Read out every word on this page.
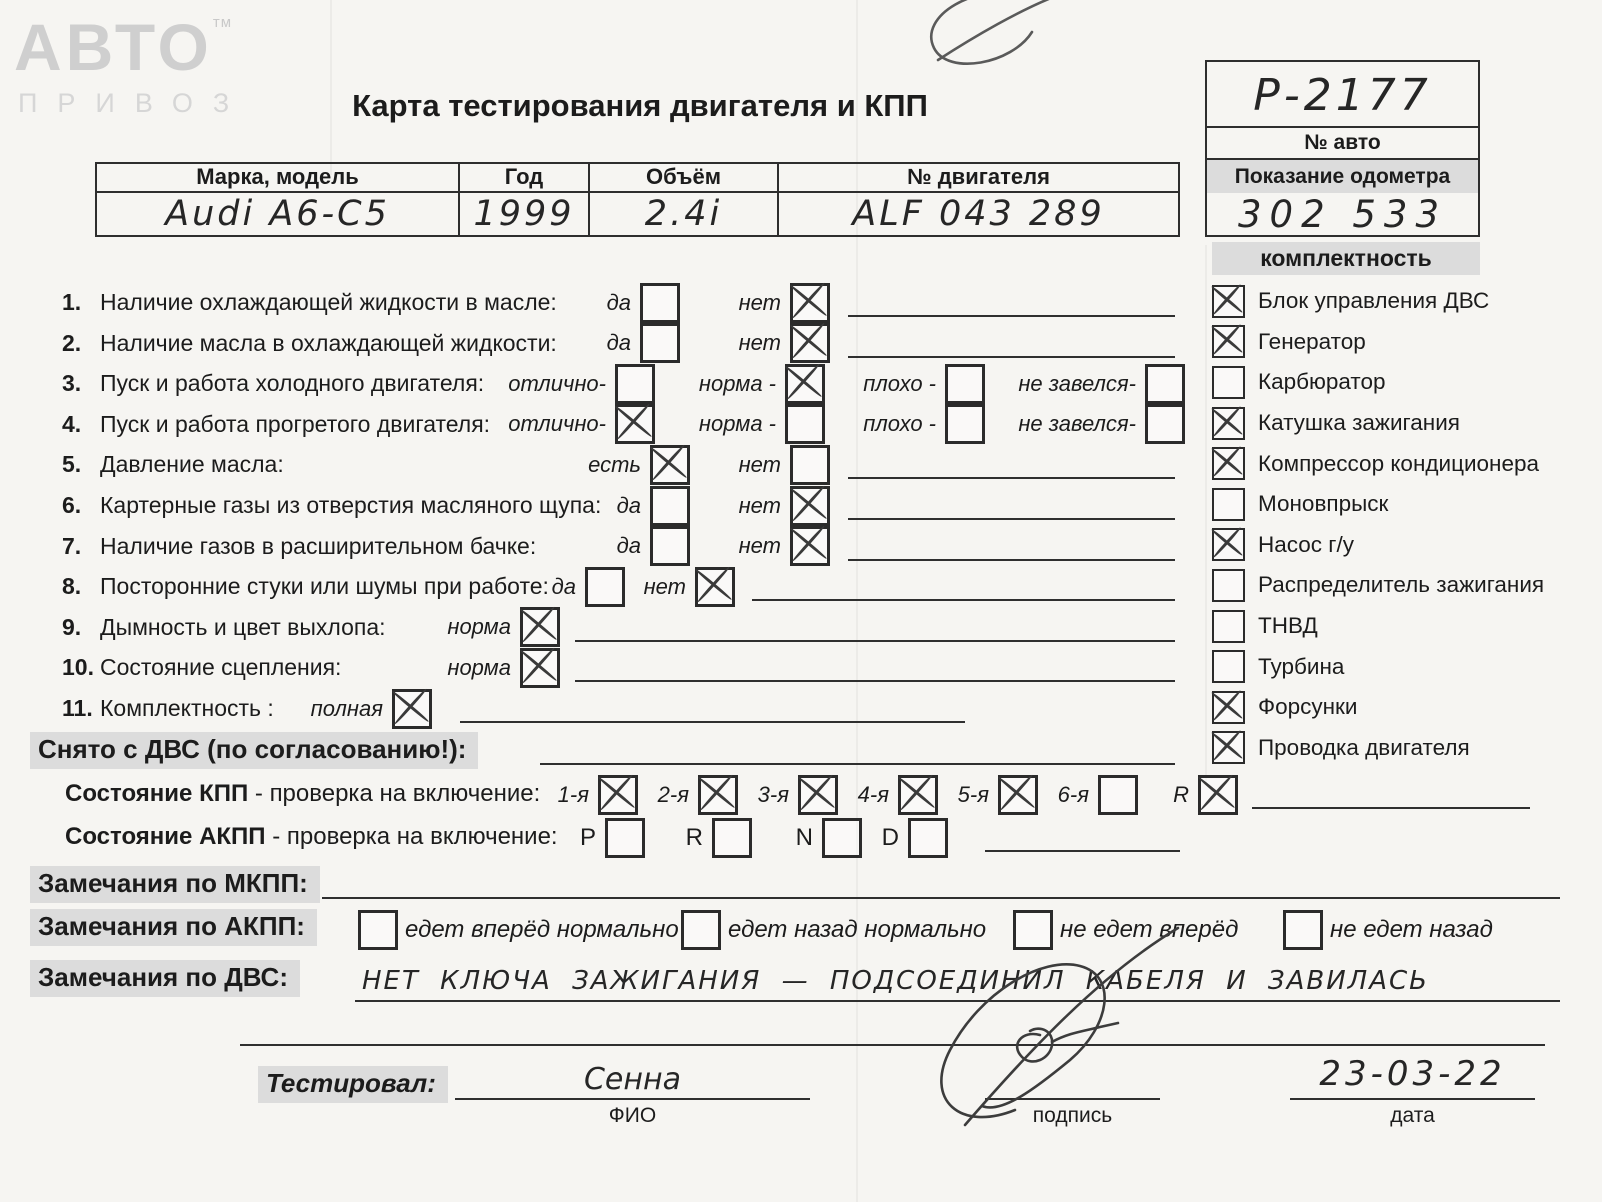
АВТОтм
ПРИВОЗ	Карта тестирования двигателя и КПП	Р-2177
№ авто
Показание одометра
302 533
Марка, модель	Год	Объём	№ двигателя
Audi A6-C5	1999	2.4i	ALF 043 289
1. Наличие охлаждающей жидкости в масле: да	нет
2. Наличие масла в охлаждающей жидкости: да	нет
3. Пуск и работа холодного двигателя: отлично-	норма -	плохо -	не завелся-
4. Пуск и работа прогретого двигателя: отлично-	норма -	плохо -	не завелся-
5. Давление масла:	есть	нет
6. Картерные газы из отверстия масляного щупа: да	нет
7. Наличие газов в расширительном бачке:	да	нет
8. Посторонние стуки или шумы при работе: да	нет
9. Дымность и цвет выхлопа:	норма
10. Состояние сцепления:	норма
11. Комплектность : полная
комплектность
Блок управления ДВС
Генератор
Карбюратор
Катушка зажигания
Компрессор кондиционера
Моновпрыск
Насос г/у
Распределитель зажигания
ТНВД
Турбина
Форсунки
Проводка двигателя
Снято с ДВС (по согласованию!):
Состояние КПП - проверка на включение: 1-я	2-я	3-я	4-я	5-я	6-я	R
Состояние АКПП - проверка на включение: P	R	N	D
Замечания по МКПП:
Замечания по АКПП:	едет вперёд нормально едет назад нормально	не едет вперёд	не едет назад
Замечания по ДВС:	НЕТ КЛЮЧА ЗАЖИГАНИЯ — ПОДСОЕДИНИЛ КАБЕЛЯ И ЗАВИЛАСЬ
Тестировал:	Сенна
ФИО	подпись
23-03-22
дата
